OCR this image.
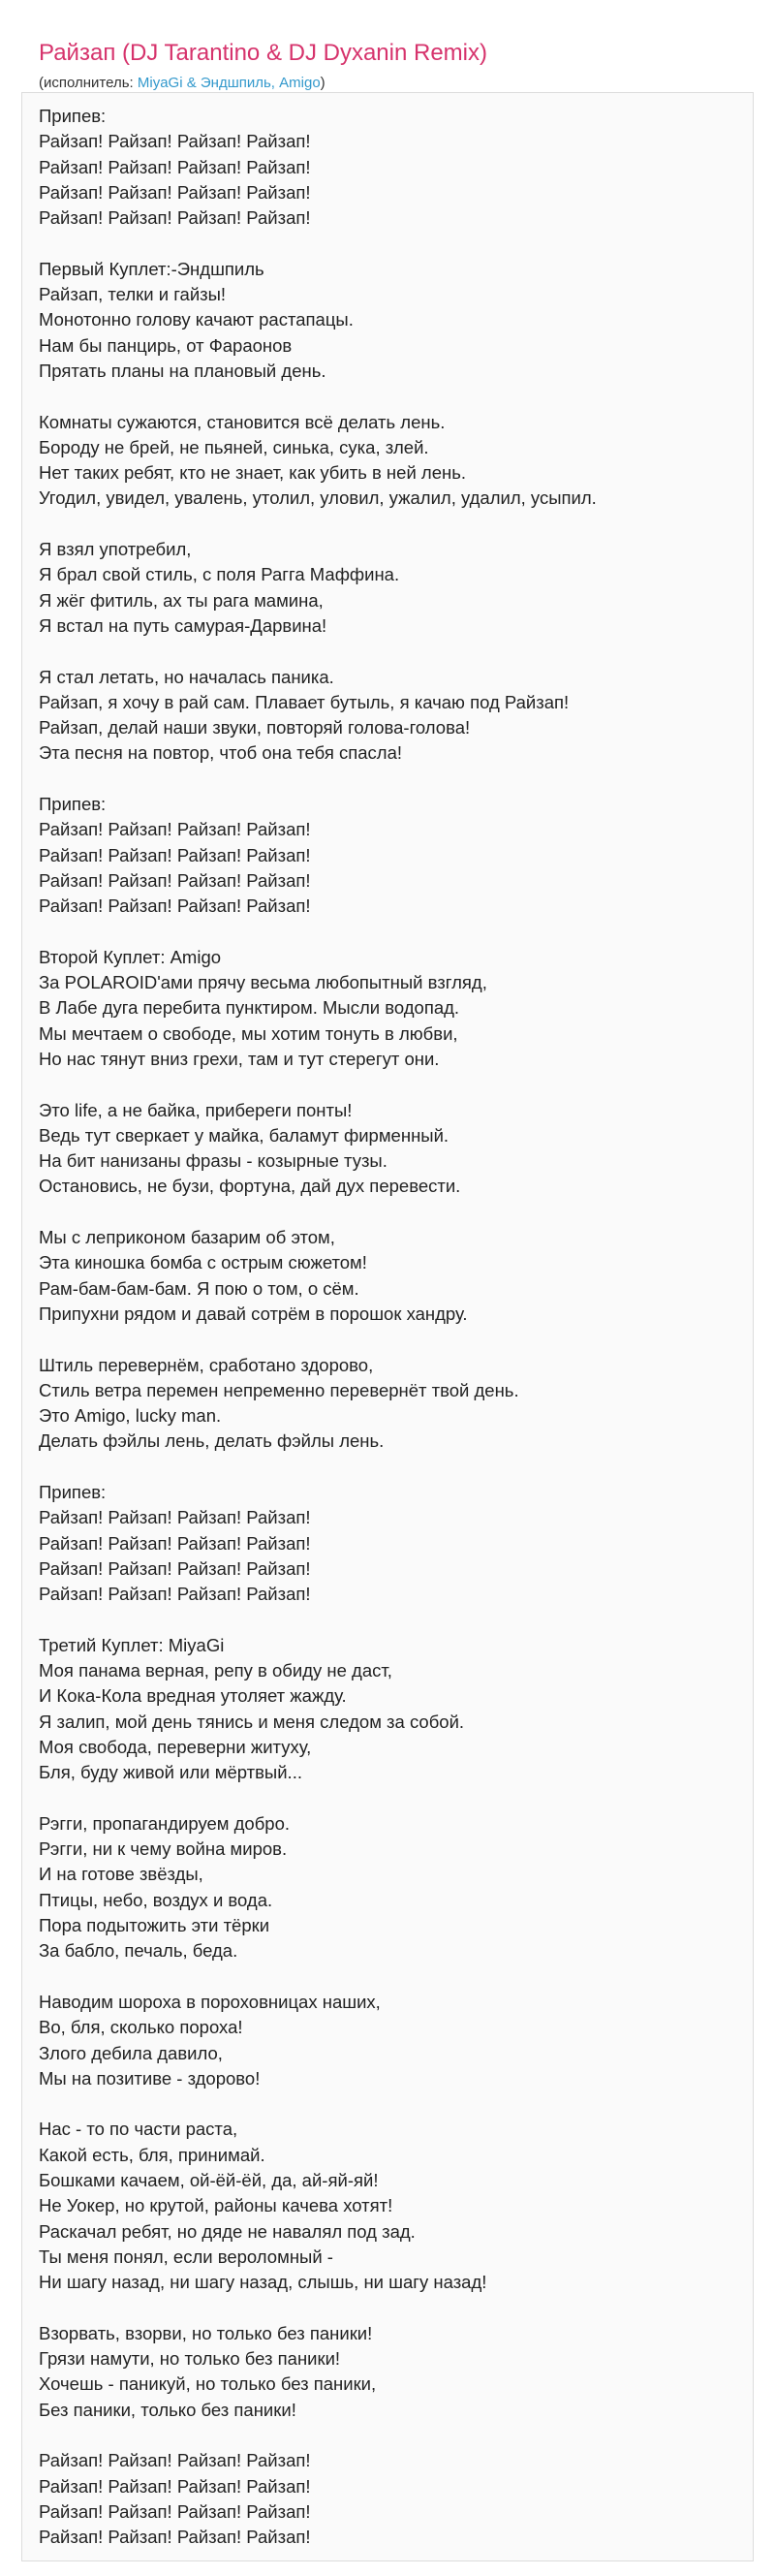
Райзап (DJ Tarantino & DJ Dyxanin Remix)
(исполнитель: MiyaGi & Эндшпиль, Amigo)
Припев:
Райзап! Райзап! Райзап! Райзап!
Райзап! Райзап! Райзап! Райзап!
Райзап! Райзап! Райзап! Райзап!
Райзап! Райзап! Райзап! Райзап!
Первый Куплет:-Эндшпиль
Райзап, телки и гайзы!
Монотонно голову качают растапацы.
Нам бы панцирь, от Фараонов
Прятать планы на плановый день.
Комнаты сужаются, становится всё делать лень.
Бороду не брей, не пьяней, синька, сука, злей.
Нет таких ребят, кто не знает, как убить в ней лень.
Угодил, увидел, увалень, утолил, уловил, ужалил, удалил, усыпил.
Я взял употребил,
Я брал свой стиль, с поля Рагга Маффина.
Я жёг фитиль, ах ты рага мамина,
Я встал на путь самурая-Дарвина!
Я стал летать, но началась паника.
Райзап, я хочу в рай сам. Плавает бутыль, я качаю под Райзап!
Райзап, делай наши звуки, повторяй голова-голова!
Эта песня на повтор, чтоб она тебя спасла!
Припев:
Райзап! Райзап! Райзап! Райзап!
Райзап! Райзап! Райзап! Райзап!
Райзап! Райзап! Райзап! Райзап!
Райзап! Райзап! Райзап! Райзап!
Второй Куплет: Amigo
За POLAROID'ами прячу весьма любопытный взгляд,
В Лабе дуга перебита пунктиром. Мысли водопад.
Мы мечтаем о свободе, мы хотим тонуть в любви,
Но нас тянут вниз грехи, там и тут стерегут они.
Это life, а не байка, прибереги понты!
Ведь тут сверкает у майка, баламут фирменный.
На бит нанизаны фразы - козырные тузы.
Остановись, не бузи, фортуна, дай дух перевести.
Мы с леприконом базарим об этом,
Эта киношка бомба с острым сюжетом!
Рам-бам-бам-бам. Я пою о том, о сём.
Припухни рядом и давай сотрём в порошок хандру.
Штиль перевернём, сработано здорово,
Стиль ветра перемен непременно перевернёт твой день.
Это Amigo, lucky man.
Делать фэйлы лень, делать фэйлы лень.
Припев:
Райзап! Райзап! Райзап! Райзап!
Райзап! Райзап! Райзап! Райзап!
Райзап! Райзап! Райзап! Райзап!
Райзап! Райзап! Райзап! Райзап!
Третий Куплет: MiyaGi
Моя панама верная, репу в обиду не даст,
И Кока-Кола вредная утоляет жажду.
Я залип, мой день тянись и меня следом за собой.
Моя свобода, переверни житуху,
Бля, буду живой или мёртвый...
Рэгги, пропагандируем добро.
Рэгги, ни к чему война миров.
И на готове звёзды,
Птицы, небо, воздух и вода.
Пора подытожить эти тёрки
За бабло, печаль, беда.
Наводим шороха в пороховницах наших,
Во, бля, сколько пороха!
Злого дебила давило,
Мы на позитиве - здорово!
Нас - то по части раста,
Какой есть, бля, принимай.
Бошками качаем, ой-ёй-ёй, да, ай-яй-яй!
Не Уокер, но крутой, районы качева хотят!
Раскачал ребят, но дяде не навалял под зад.
Ты меня понял, если вероломный -
Ни шагу назад, ни шагу назад, слышь, ни шагу назад!
Взорвать, взорви, но только без паники!
Грязи намути, но только без паники!
Хочешь - паникуй, но только без паники,
Без паники, только без паники!
Райзап! Райзап! Райзап! Райзап!
Райзап! Райзап! Райзап! Райзап!
Райзап! Райзап! Райзап! Райзап!
Райзап! Райзап! Райзап! Райзап!
